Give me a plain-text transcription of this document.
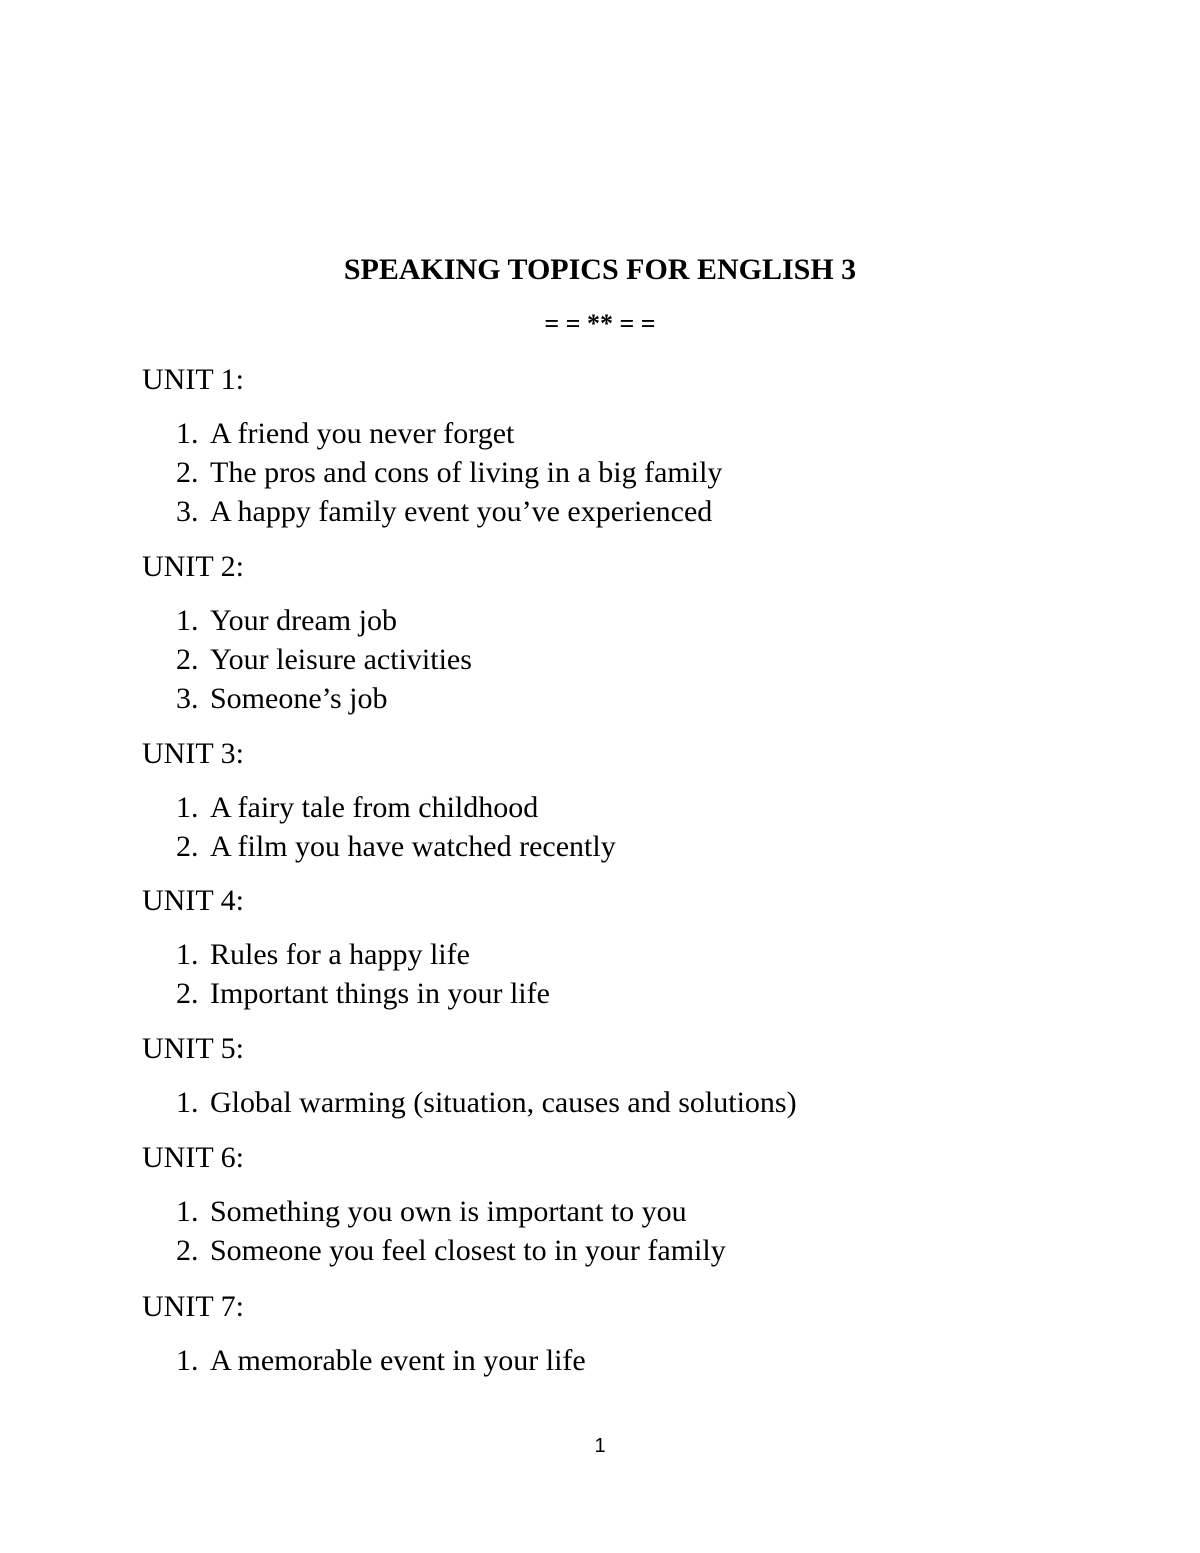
SPEAKING TOPICS FOR ENGLISH 3
= = ** = =
UNIT 1:
1. A friend you never forget
2. The pros and cons of living in a big family
3. A happy family event you’ve experienced
UNIT 2:
1. Your dream job
2. Your leisure activities
3. Someone’s job
UNIT 3:
1. A fairy tale from childhood
2. A film you have watched recently
UNIT 4:
1. Rules for a happy life
2. Important things in your life
UNIT 5:
1. Global warming (situation, causes and solutions)
UNIT 6:
1. Something you own is important to you
2. Someone you feel closest to in your family
UNIT 7:
1. A memorable event in your life
1
